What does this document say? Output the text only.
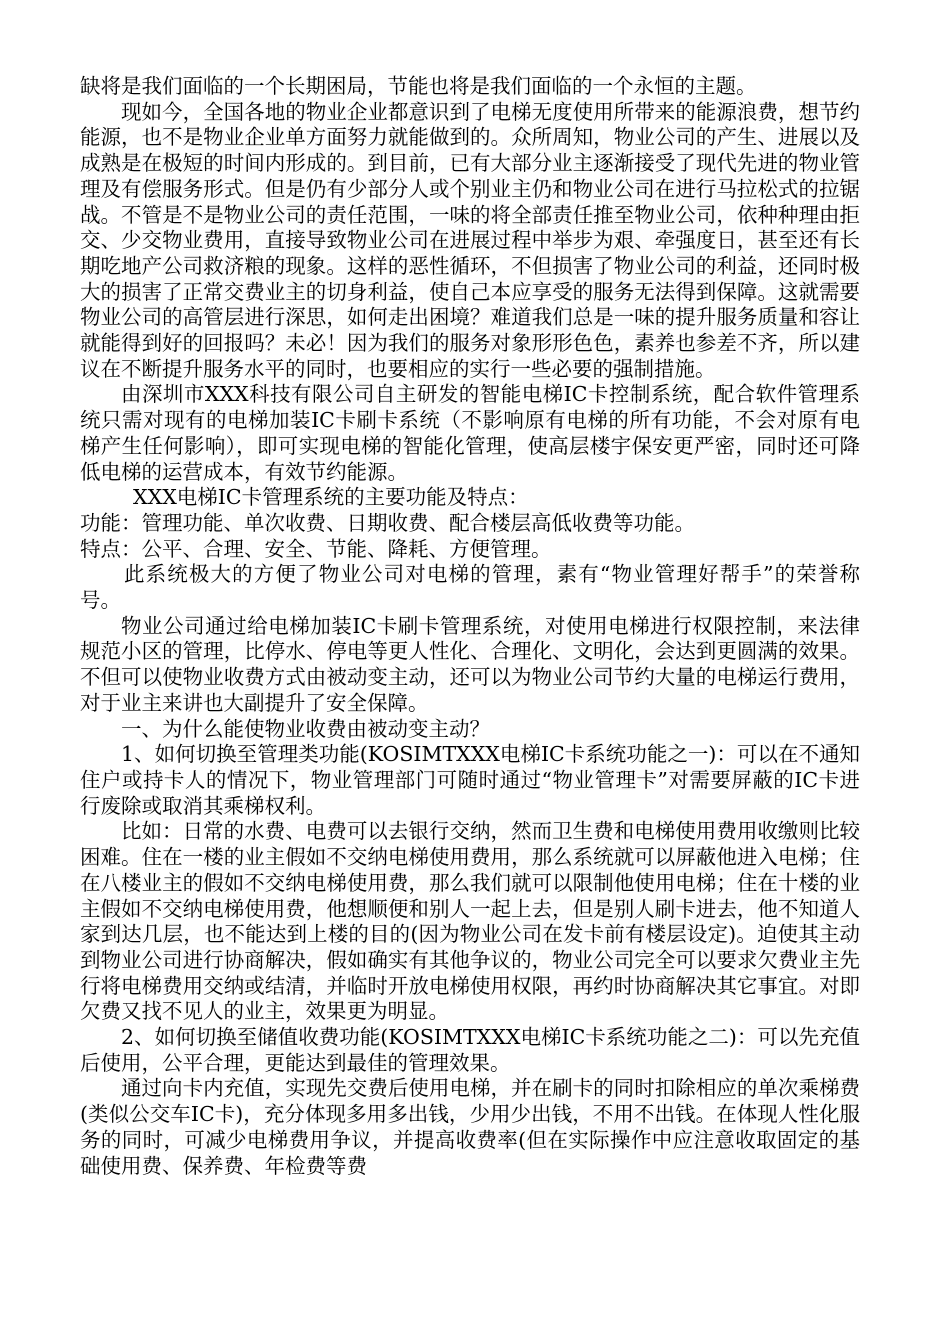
缺将是我们面临的一个长期困局，节能也将是我们面临的一个永恒的主题。

现如今，全国各地的物业企业都意识到了电梯无度使用所带来的能源浪费，想节约能源，也不是物业企业单方面努力就能做到的。众所周知，物业公司的产生、进展以及成熟是在极短的时间内形成的。到目前，已有大部分业主逐渐接受了现代先进的物业管理及有偿服务形式。但是仍有少部分人或个别业主仍和物业公司在进行马拉松式的拉锯战。不管是不是物业公司的责任范围，一味的将全部责任推至物业公司，依种种理由拒交、少交物业费用，直接导致物业公司在进展过程中举步为艰、牵强度日，甚至还有长期吃地产公司救济粮的现象。这样的恶性循环，不但损害了物业公司的利益，还同时极大的损害了正常交费业主的切身利益，使自己本应享受的服务无法得到保障。这就需要物业公司的高管层进行深思，如何走出困境？难道我们总是一味的提升服务质量和容让就能得到好的回报吗？未必！因为我们的服务对象形形色色，素养也参差不齐，所以建议在不断提升服务水平的同时，也要相应的实行一些必要的强制措施。

由深圳市XXX科技有限公司自主研发的智能电梯IC卡控制系统，配合软件管理系统只需对现有的电梯加装IC卡刷卡系统（不影响原有电梯的所有功能，不会对原有电梯产生任何影响），即可实现电梯的智能化管理，使高层楼宇保安更严密，同时还可降低电梯的运营成本，有效节约能源。

XXX电梯IC卡管理系统的主要功能及特点：

功能：管理功能、单次收费、日期收费、配合楼层高低收费等功能。

特点：公平、合理、安全、节能、降耗、方便管理。

此系统极大的方便了物业公司对电梯的管理，素有“物业管理好帮手”的荣誉称号。

物业公司通过给电梯加装IC卡刷卡管理系统，对使用电梯进行权限控制，来法律规范小区的管理，比停水、停电等更人性化、合理化、文明化，会达到更圆满的效果。不但可以使物业收费方式由被动变主动，还可以为物业公司节约大量的电梯运行费用，对于业主来讲也大副提升了安全保障。

一、为什么能使物业收费由被动变主动？

1、如何切换至管理类功能(KOSIMTXXX电梯IC卡系统功能之一)：可以在不通知住户或持卡人的情况下，物业管理部门可随时通过“物业管理卡”对需要屏蔽的IC卡进行废除或取消其乘梯权利。

比如：日常的水费、电费可以去银行交纳，然而卫生费和电梯使用费用收缴则比较困难。住在一楼的业主假如不交纳电梯使用费用，那么系统就可以屏蔽他进入电梯；住在八楼业主的假如不交纳电梯使用费，那么我们就可以限制他使用电梯；住在十楼的业主假如不交纳电梯使用费，他想顺便和别人一起上去，但是别人刷卡进去，他不知道人家到达几层，也不能达到上楼的目的(因为物业公司在发卡前有楼层设定)。迫使其主动到物业公司进行协商解决，假如确实有其他争议的，物业公司完全可以要求欠费业主先行将电梯费用交纳或结清，并临时开放电梯使用权限，再约时协商解决其它事宜。对即欠费又找不见人的业主，效果更为明显。

2、如何切换至储值收费功能(KOSIMTXXX电梯IC卡系统功能之二)：可以先充值后使用，公平合理，更能达到最佳的管理效果。

通过向卡内充值，实现先交费后使用电梯，并在刷卡的同时扣除相应的单次乘梯费(类似公交车IC卡)，充分体现多用多出钱，少用少出钱，不用不出钱。在体现人性化服务的同时，可减少电梯费用争议，并提高收费率(但在实际操作中应注意收取固定的基础使用费、保养费、年检费等费
